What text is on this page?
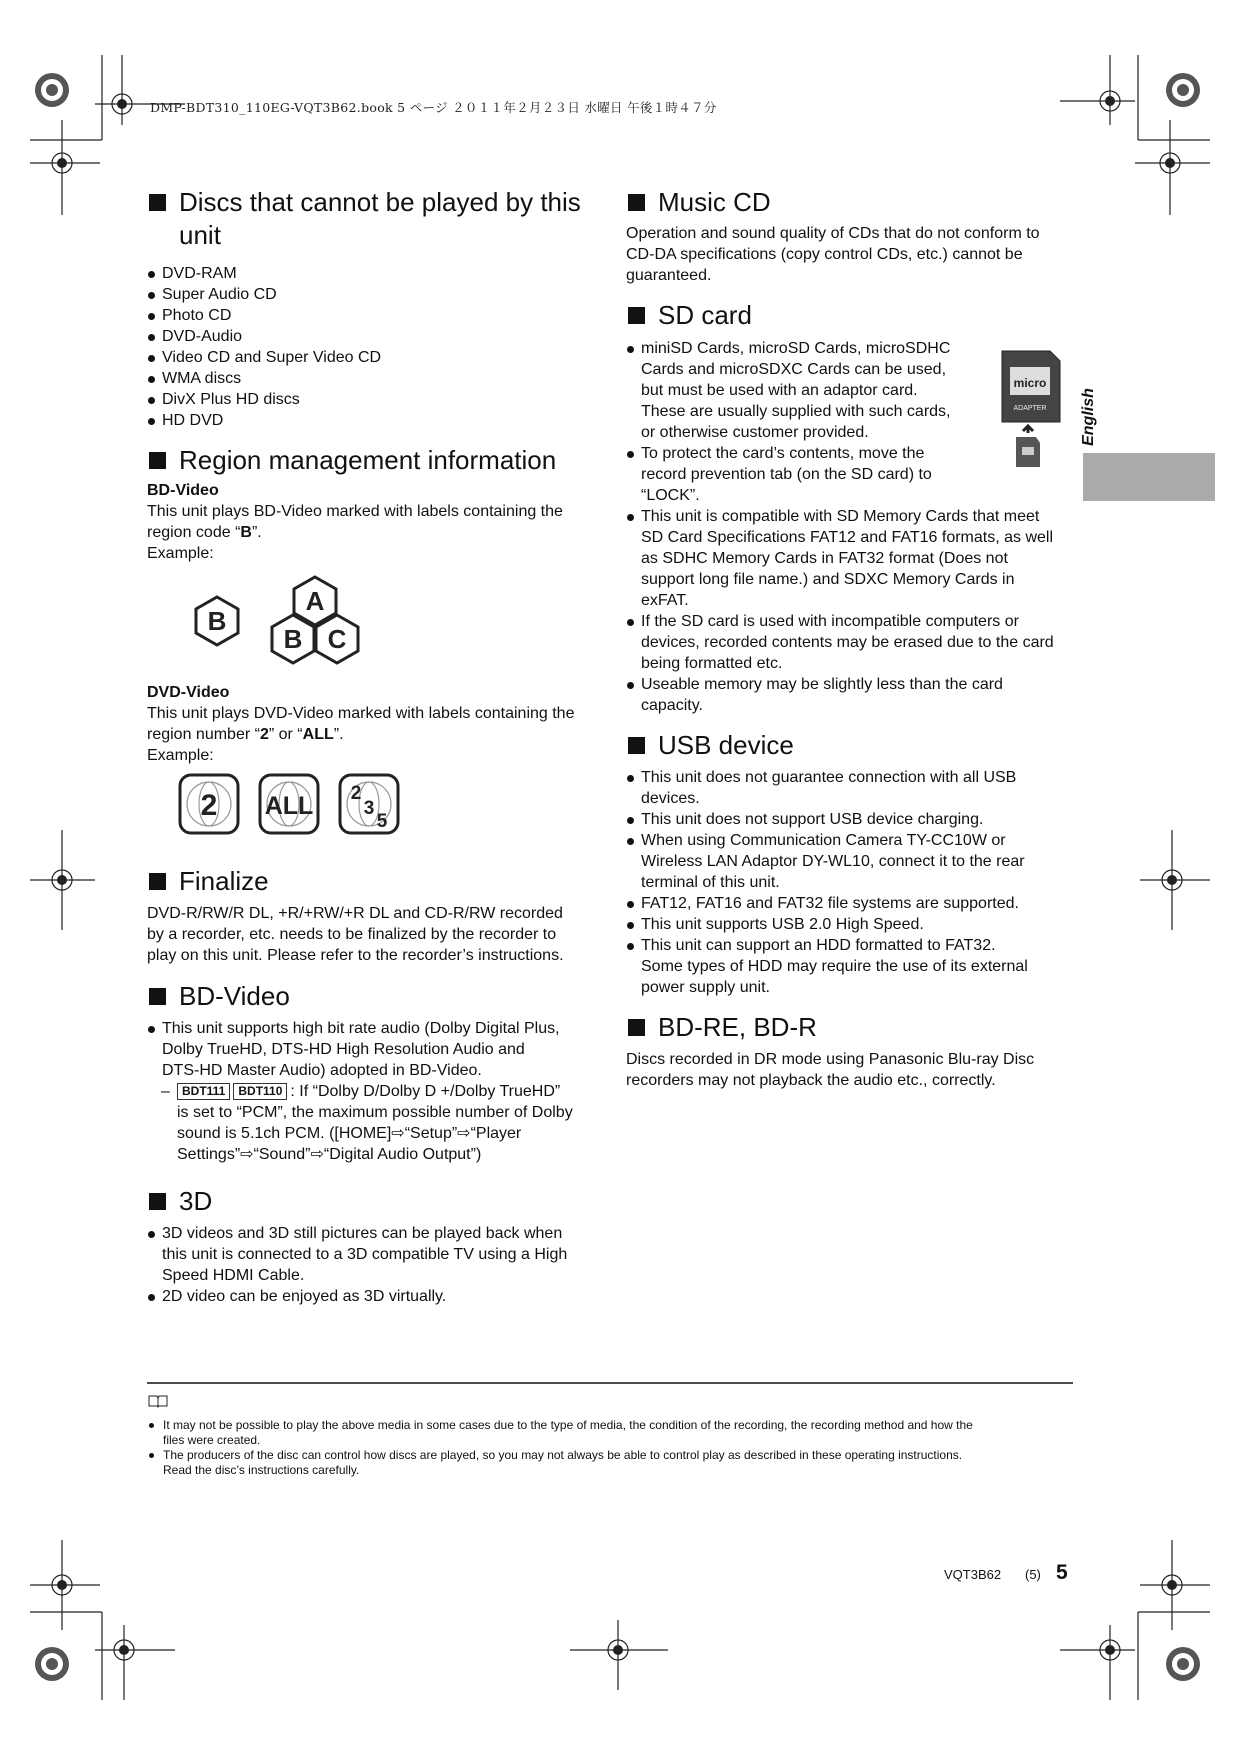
DMP-BDT310_110EG-VQT3B62.book 5 ページ ２０１１年２月２３日 水曜日 午後１時４７分
English
Discs that cannot be played by this
unit
DVD-RAM
Super Audio CD
Photo CD
DVD-Audio
Video CD and Super Video CD
WMA discs
DivX Plus HD discs
HD DVD
Region management information

BD-Video

This unit plays BD-Video marked with labels containing the
region code “B”.

Example:

B
A
B C

DVD-Video

This unit plays DVD-Video marked with labels containing the
region number “2” or “ALL”.

Example:

2 ALL 2
3
5
Finalize

DVD-R/RW/R DL, +R/+RW/+R DL and CD-R/RW recorded
by a recorder, etc. needs to be finalized by the recorder to
play on this unit. Please refer to the recorder’s instructions.

BD-Video
This unit supports high bit rate audio (Dolby Digital Plus,
Dolby TrueHD, DTS-HD High Resolution Audio and
DTS-HD Master Audio) adopted in BD-Video.
– BDT111 BDT110 : If “Dolby D/Dolby D +/Dolby TrueHD”
is set to “PCM”, the maximum possible number of Dolby
sound is 5.1ch PCM. ([HOME]⇨“Setup”⇨“Player
Settings”⇨“Sound”⇨“Digital Audio Output”)
3D
3D videos and 3D still pictures can be played back when
this unit is connected to a 3D compatible TV using a High
Speed HDMI Cable.
2D video can be enjoyed as 3D virtually.
Music CD

Operation and sound quality of CDs that do not conform to
CD-DA specifications (copy control CDs, etc.) cannot be
guaranteed.

SD card
micro
ADAPTER
miniSD Cards, microSD Cards, microSDHC
Cards and microSDXC Cards can be used,
but must be used with an adaptor card.
These are usually supplied with such cards,
or otherwise customer provided.
To protect the card’s contents, move the
record prevention tab (on the SD card) to
“LOCK”.
This unit is compatible with SD Memory Cards that meet
SD Card Specifications FAT12 and FAT16 formats, as well
as SDHC Memory Cards in FAT32 format (Does not
support long file name.) and SDXC Memory Cards in
exFAT.
If the SD card is used with incompatible computers or
devices, recorded contents may be erased due to the card
being formatted etc.
Useable memory may be slightly less than the card
capacity.
USB device
This unit does not guarantee connection with all USB
devices.
This unit does not support USB device charging.
When using Communication Camera TY-CC10W or
Wireless LAN Adaptor DY-WL10, connect it to the rear
terminal of this unit.
FAT12, FAT16 and FAT32 file systems are supported.
This unit supports USB 2.0 High Speed.
This unit can support an HDD formatted to FAT32.
Some types of HDD may require the use of its external
power supply unit.
BD-RE, BD-R

Discs recorded in DR mode using Panasonic Blu-ray Disc
recorders may not playback the audio etc., correctly.

It may not be possible to play the above media in some cases due to the type of media, the condition of the recording, the recording method and how the
files were created.
The producers of the disc can control how discs are played, so you may not always be able to control play as described in these operating instructions.
Read the disc’s instructions carefully.
VQT3B62 (5) 5
